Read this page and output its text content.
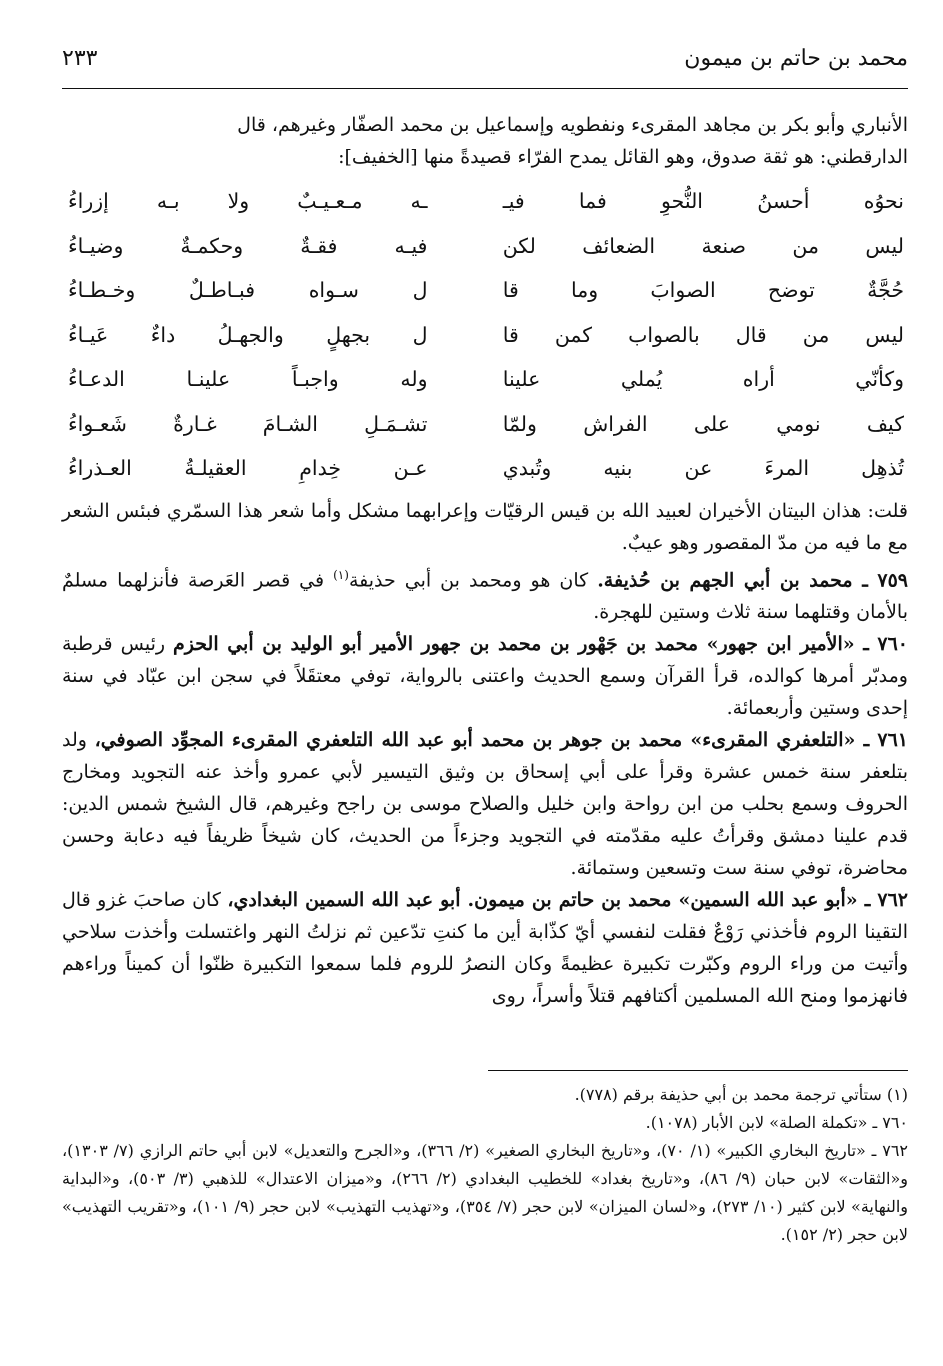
محمد بن حاتم بن ميمون
٢٣٣

الأنباري وأبو بكر بن مجاهد المقرىء ونفطويه وإسماعيل بن محمد الصفّار وغيرهم، قال

الدارقطني: هو ثقة صدوق، وهو القائل يمدح الفرّاء قصيدةً منها [الخفيف]:

نحوُه أحسنُ النُّحوِ فما فيـ
ـه مـعـيـبٌ ولا بـه إزراءُ
ليس من صنعة الضعائف لكن
فيـه فقـةٌ وحكمـةٌ وضيـاءُ
حُجَّةٌ توضح الصوابَ وما قا
ل سـواه فبـاطـلٌ وخـطـاءُ
ليس من قال بالصواب كمن قا
ل بجهلٍ والجهـلُ داءٌ عَيـاءُ
وكأنّي أراه يُملي علينا
وله واجبـاً علينـا الدعـاءُ
كيف نومي على الفراش ولمّا
تشـمَـلِ الشـامَ غـارةٌ شَعـواءُ
تُذهِل المرءَ عن بنيه وتُبدي
عـن خِدامِ العقيلـةُ العـذراءُ

قلت: هذان البيتان الأخيران لعبيد الله بن قيس الرقيّات وإعرابهما مشكل وأما شعر هذا السمّري فبئس الشعر مع ما فيه من مدّ المقصور وهو عيبٌ.

٧٥٩ ـ محمد بن أبي الجهم بن حُذيفة. كان هو ومحمد بن أبي حذيفة$^{(١)}$ في قصر العَرصة فأنزلهما مسلمٌ بالأمان وقتلهما سنة ثلاث وستين للهجرة.

٧٦٠ ـ «الأمير ابن جهور» محمد بن جَهْور بن محمد بن جهور الأمير أبو الوليد بن أبي الحزم رئيس قرطبة ومدبّر أمرها كوالده، قرأ القرآن وسمع الحديث واعتنى بالرواية، توفي معتقَلاً في سجن ابن عبّاد في سنة إحدى وستين وأربعمائة.

٧٦١ ـ «التلعفري المقرىء» محمد بن جوهر بن محمد أبو عبد الله التلعفري المقرىء المجوِّد الصوفي، ولد بتلعفر سنة خمس عشرة وقرأ على أبي إسحاق بن وثيق التيسير لأبي عمرو وأخذ عنه التجويد ومخارج الحروف وسمع بحلب من ابن رواحة وابن خليل والصلاح موسى بن راجح وغيرهم، قال الشيخ شمس الدين: قدم علينا دمشق وقرأتُ عليه مقدّمته في التجويد وجزءاً من الحديث، كان شيخاً ظريفاً فيه دعابة وحسن محاضرة، توفي سنة ست وتسعين وستمائة.

٧٦٢ ـ «أبو عبد الله السمين» محمد بن حاتم بن ميمون. أبو عبد الله السمين البغدادي، كان صاحبَ غزو قال التقينا الروم فأخذني رَوْعٌ فقلت لنفسي أيّ كذّابة أين ما كنتِ تدّعين ثم نزلتُ النهر واغتسلت وأخذت سلاحي وأتيت من وراء الروم وكبّرت تكبيرة عظيمةً وكان النصرُ للروم فلما سمعوا التكبيرة ظنّوا أن كميناً وراءهم فانهزموا ومنح الله المسلمين أكتافهم قتلاً وأسراً، روى

(١) ستأتي ترجمة محمد بن أبي حذيفة برقم (٧٧٨).

٧٦٠ ـ «تكملة الصلة» لابن الأبار (١٠٧٨).

٧٦٢ ـ «تاريخ البخاري الكبير» (١/ ٧٠)، و«تاريخ البخاري الصغير» (٢/ ٣٦٦)، و«الجرح والتعديل» لابن أبي حاتم الرازي (٧/ ١٣٠٣)، و«الثقات» لابن حبان (٩/ ٨٦)، و«تاريخ بغداد» للخطيب البغدادي (٢/ ٢٦٦)، و«ميزان الاعتدال» للذهبي (٣/ ٥٠٣)، و«البداية والنهاية» لابن كثير (١٠/ ٢٧٣)، و«لسان الميزان» لابن حجر (٧/ ٣٥٤)، و«تهذيب التهذيب» لابن حجر (٩/ ١٠١)، و«تقريب التهذيب» لابن حجر (٢/ ١٥٢).
